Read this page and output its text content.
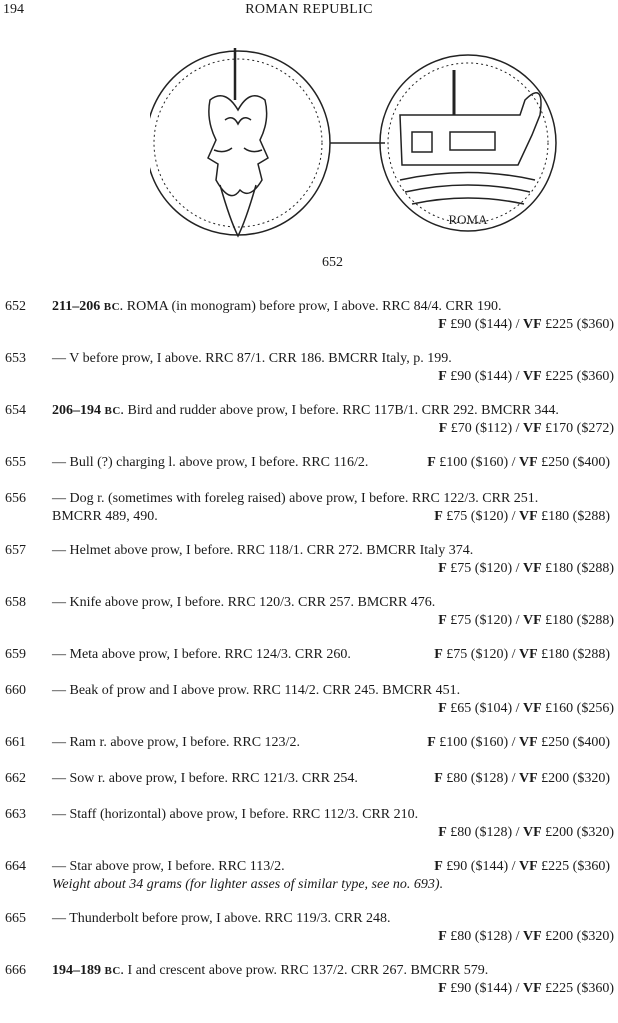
194	ROMAN REPUBLIC
ROMA
652
652 211–206 BC. ROMA (in monogram) before prow, I above. RRC 84/4. CRR 190.
F £90 ($144) / VF £225 ($360)
653 — V before prow, I above. RRC 87/1. CRR 186. BMCRR Italy, p. 199.
F £90 ($144) / VF £225 ($360)
654 206–194 BC. Bird and rudder above prow, I before. RRC 117B/1. CRR 292. BMCRR 344.
F £70 ($112) / VF £170 ($272)
655 — Bull (?) charging l. above prow, I before. RRC 116/2.	F £100 ($160) / VF £250 ($400)
656 — Dog r. (sometimes with foreleg raised) above prow, I before. RRC 122/3. CRR 251.
BMCRR 489, 490.	F £75 ($120) / VF £180 ($288)
657 — Helmet above prow, I before. RRC 118/1. CRR 272. BMCRR Italy 374.
F £75 ($120) / VF £180 ($288)
658 — Knife above prow, I before. RRC 120/3. CRR 257. BMCRR 476.
F £75 ($120) / VF £180 ($288)
659 — Meta above prow, I before. RRC 124/3. CRR 260.	F £75 ($120) / VF £180 ($288)
660 — Beak of prow and I above prow. RRC 114/2. CRR 245. BMCRR 451.
F £65 ($104) / VF £160 ($256)
661 — Ram r. above prow, I before. RRC 123/2.	F £100 ($160) / VF £250 ($400)
662 — Sow r. above prow, I before. RRC 121/3. CRR 254.	F £80 ($128) / VF £200 ($320)
663 — Staff (horizontal) above prow, I before. RRC 112/3. CRR 210.
F £80 ($128) / VF £200 ($320)
664 — Star above prow, I before. RRC 113/2.	F £90 ($144) / VF £225 ($360)
Weight about 34 grams (for lighter asses of similar type, see no. 693).
665 — Thunderbolt before prow, I above. RRC 119/3. CRR 248.
F £80 ($128) / VF £200 ($320)
666 194–189 BC. I and crescent above prow. RRC 137/2. CRR 267. BMCRR 579.
F £90 ($144) / VF £225 ($360)
